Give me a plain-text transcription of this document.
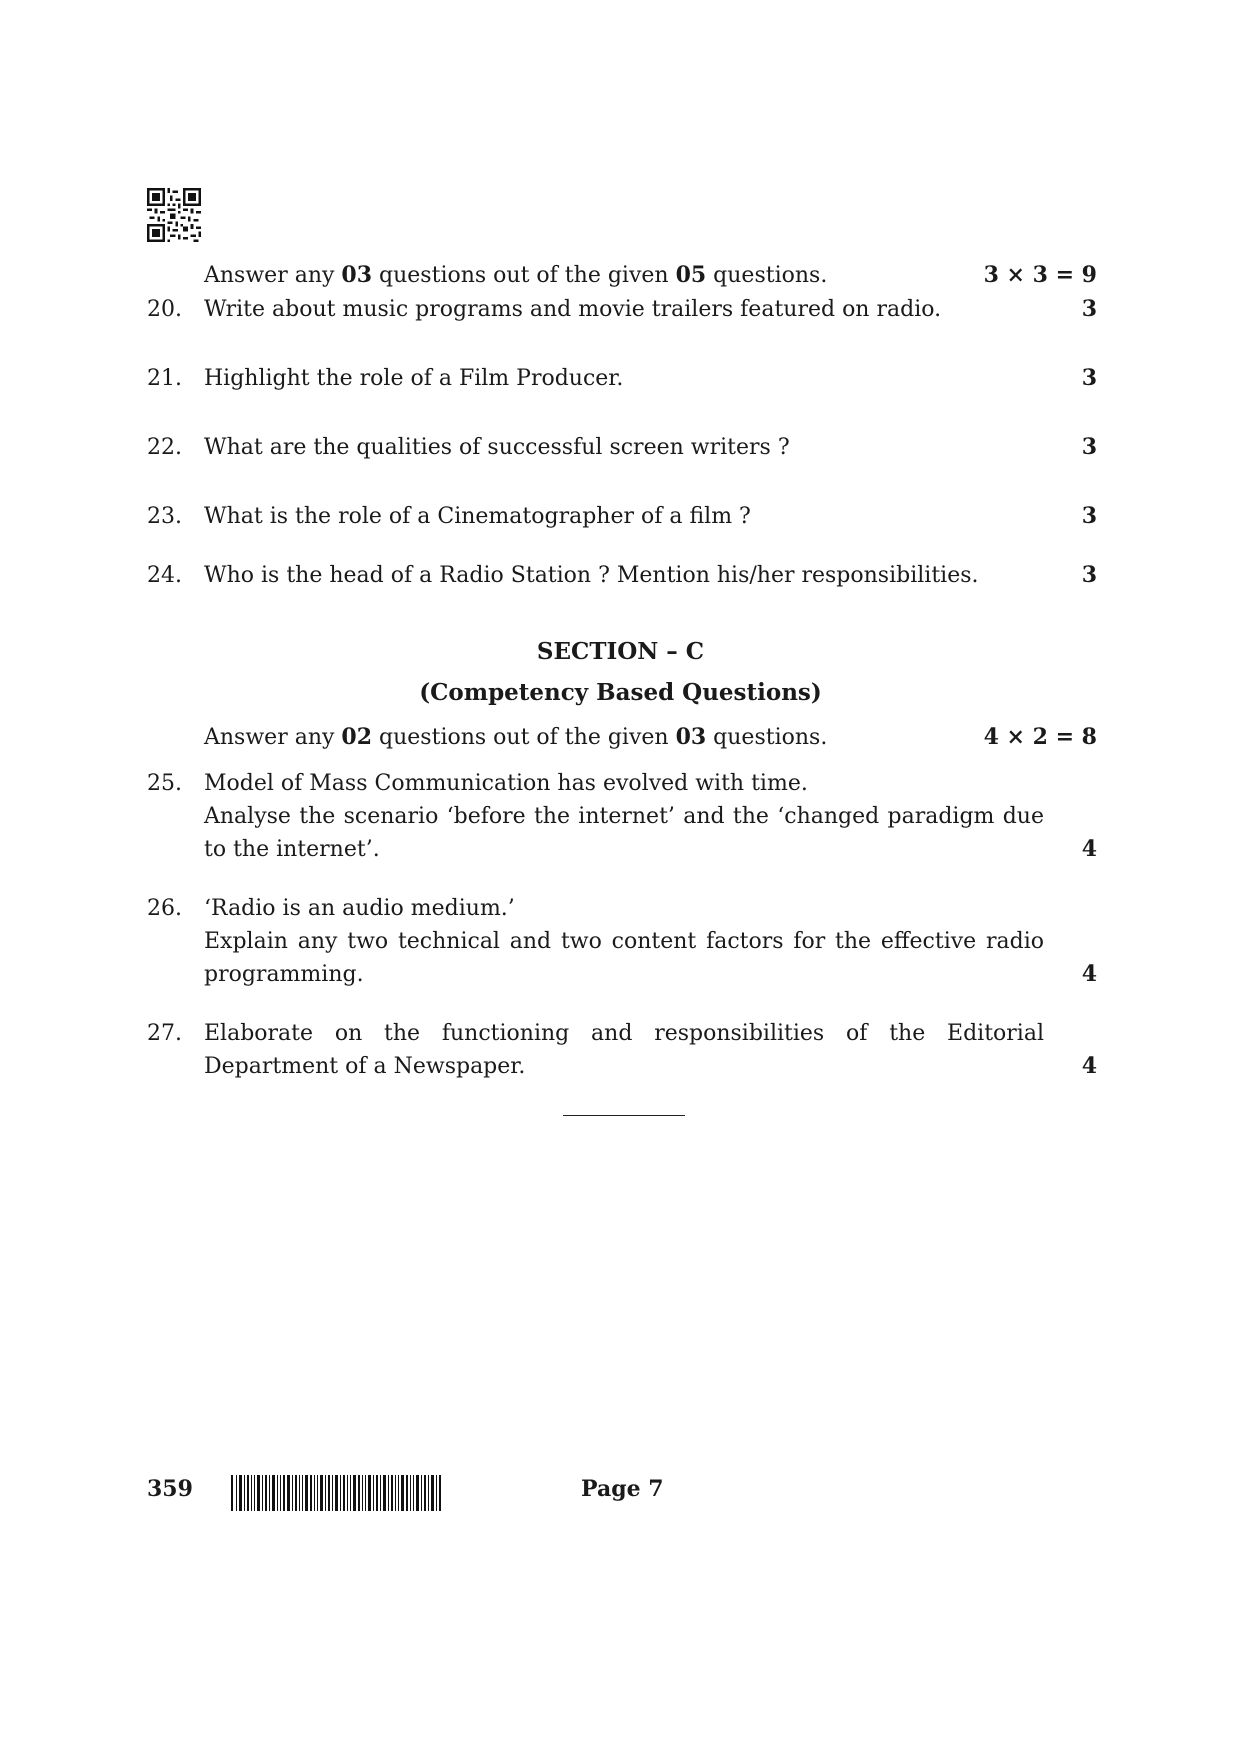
Answer any 03 questions out of the given 05 questions.	3 × 3 = 9
20.	Write about music programs and movie trailers featured on radio.	3
21.	Highlight the role of a Film Producer.	3
22.	What are the qualities of successful screen writers ?	3
23.	What is the role of a Cinematographer of a film ?	3
24.	Who is the head of a Radio Station ? Mention his/her responsibilities.	3
SECTION – C
(Competency Based Questions)
Answer any 02 questions out of the given 03 questions.	4 × 2 = 8
25.	Model of Mass Communication has evolved with time.
Analyse the scenario ‘before the internet’ and the ‘changed paradigm due to the internet’.	4
26.	‘Radio is an audio medium.’
Explain any two technical and two content factors for the effective radio programming.	4
27.	Elaborate on the functioning and responsibilities of the Editorial Department of a Newspaper.	4
359	Page 7
